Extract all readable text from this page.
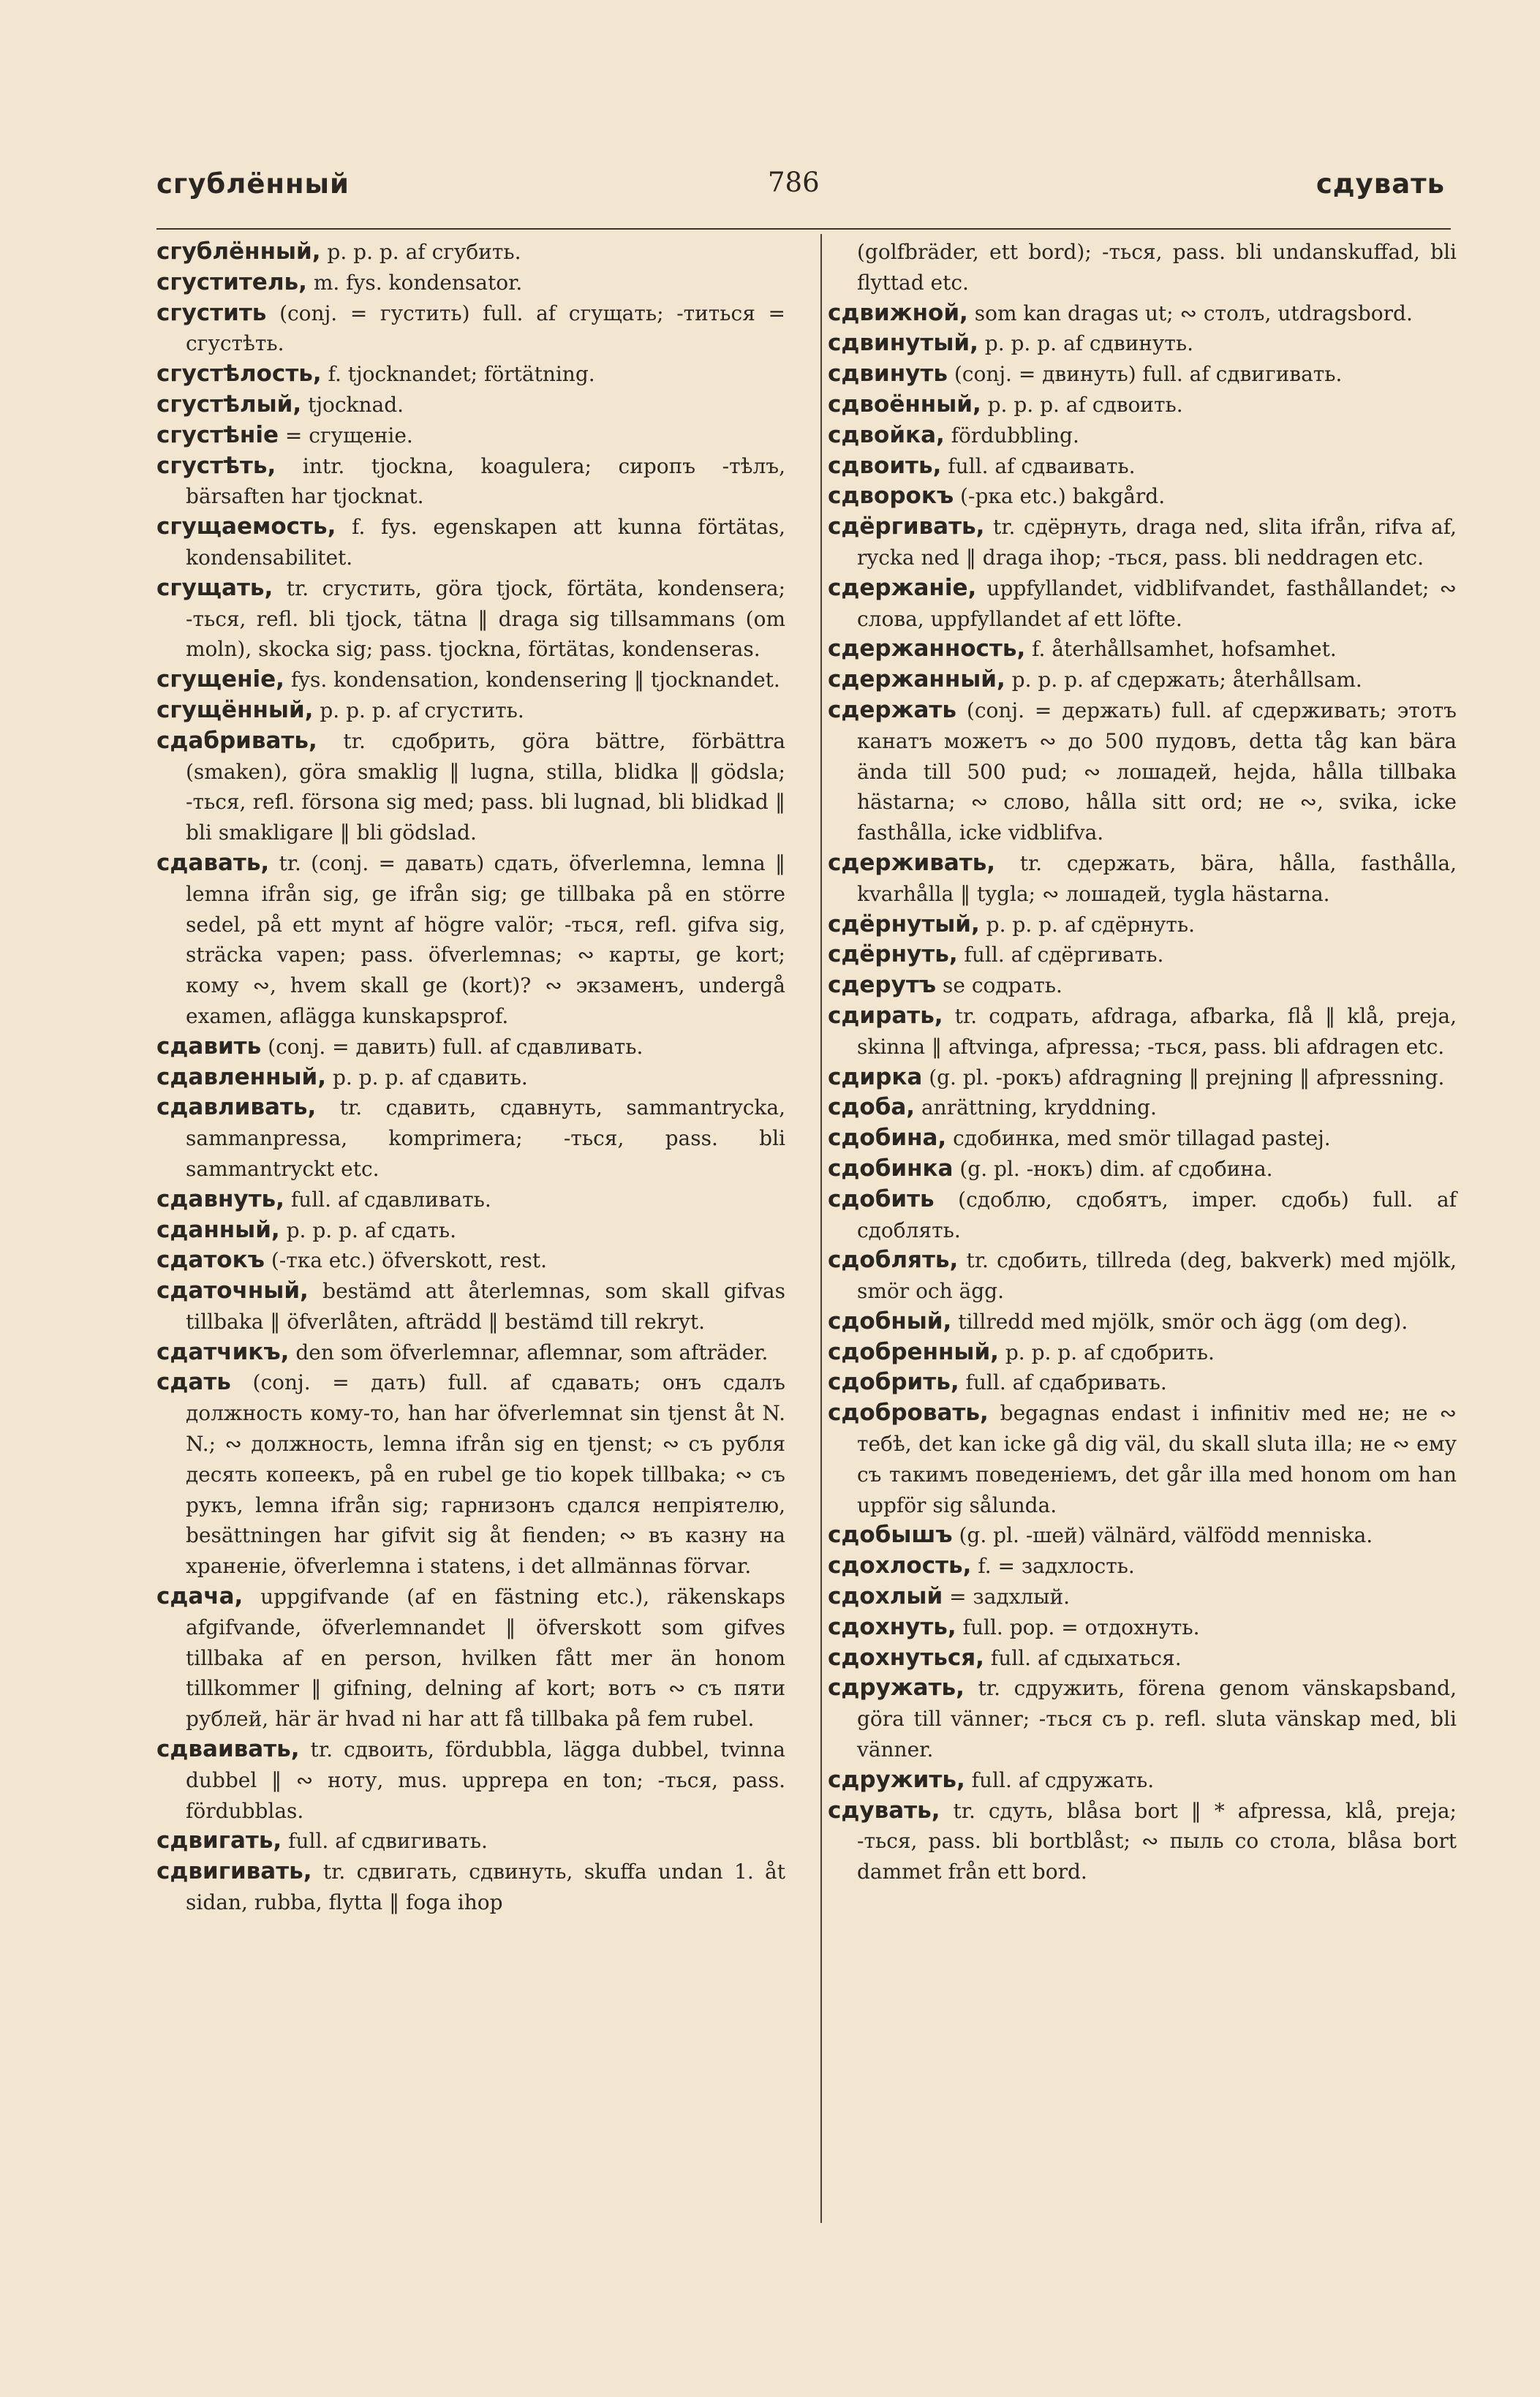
сгублённый	786	сдувать

сгублённый, p. p. p. af сгубить.

сгуститель, m. fys. kondensator.

сгустить (conj. = густить) full. af сгущать; -титься = сгустѣть.

сгустѣлость, f. tjocknandet; förtätning.

сгустѣлый, tjocknad.

сгустѣніе = сгущеніе.

сгустѣть, intr. tjockna, koagulera; сиропъ -тѣлъ, bärsaften har tjocknat.

сгущаемость, f. fys. egenskapen att kunna förtätas, kondensabilitet.

сгущать, tr. сгустить, göra tjock, förtäta, kondensera; -ться, refl. bli tjock, tätna ‖ draga sig tillsammans (om moln), skocka sig; pass. tjockna, förtätas, kondenseras.

сгущеніе, fys. kondensation, kondensering ‖ tjocknandet.

сгущённый, p. p. p. af сгустить.

сдабривать, tr. сдобрить, göra bättre, förbättra (smaken), göra smaklig ‖ lugna, stilla, blidka ‖ gödsla; -ться, refl. försona sig med; pass. bli lugnad, bli blidkad ‖ bli smakligare ‖ bli gödslad.

сдавать, tr. (conj. = давать) сдать, öfverlemna, lemna ‖ lemna ifrån sig, ge ifrån sig; ge tillbaka på en större sedel, på ett mynt af högre valör; -ться, refl. gifva sig, sträcka vapen; pass. öfverlemnas; ∾ карты, ge kort; кому ∾, hvem skall ge (kort)? ∾ экзаменъ, undergå examen, aflägga kunskapsprof.

сдавить (conj. = давить) full. af сдавливать.

сдавленный, p. p. p. af сдавить.

сдавливать, tr. сдавить, сдавнуть, sammantrycka, sammanpressa, komprimera; -ться, pass. bli sammantryckt etc.

сдавнуть, full. af сдавливать.

сданный, p. p. p. af сдать.

сдатокъ (-тка etc.) öfverskott, rest.

сдаточный, bestämd att återlemnas, som skall gifvas tillbaka ‖ öfverlåten, afträdd ‖ bestämd till rekryt.

сдатчикъ, den som öfverlemnar, aflemnar, som afträder.

сдать (conj. = дать) full. af сдавать; онъ сдалъ должность кому-то, han har öfverlemnat sin tjenst åt N. N.; ∾ должность, lemna ifrån sig en tjenst; ∾ съ рубля десять копеекъ, på en rubel ge tio kopek tillbaka; ∾ съ рукъ, lemna ifrån sig; гарнизонъ сдался непріятелю, besättningen har gifvit sig åt fienden; ∾ въ казну на храненіе, öfverlemna i statens, i det allmännas förvar.

сдача, uppgifvande (af en fästning etc.), räkenskaps afgifvande, öfverlemnandet ‖ öfverskott som gifves tillbaka af en person, hvilken fått mer än honom tillkommer ‖ gifning, delning af kort; вотъ ∾ съ пяти рублей, här är hvad ni har att få tillbaka på fem rubel.

сдваивать, tr. сдвоить, fördubbla, lägga dubbel, tvinna dubbel ‖ ∾ ноту, mus. upprepa en ton; -ться, pass. fördubblas.

сдвигать, full. af сдвигивать.

сдвигивать, tr. сдвигать, сдвинуть, skuffa undan 1. åt sidan, rubba, flytta ‖ foga ihop

(golfbräder, ett bord); -ться, pass. bli undanskuffad, bli flyttad etc.

сдвижной, som kan dragas ut; ∾ столъ, utdragsbord.

сдвинутый, p. p. p. af сдвинуть.

сдвинуть (conj. = двинуть) full. af сдвигивать.

сдвоённый, p. p. p. af сдвоить.

сдвойка, fördubbling.

сдвоить, full. af сдваивать.

сдворокъ (-рка etc.) bakgård.

сдёргивать, tr. сдёрнуть, draga ned, slita ifrån, rifva af, rycka ned ‖ draga ihop; -ться, pass. bli neddragen etc.

сдержаніе, uppfyllandet, vidblifvandet, fasthållandet; ∾ слова, uppfyllandet af ett löfte.

сдержанность, f. återhållsamhet, hofsamhet.

сдержанный, p. p. p. af сдержать; återhållsam.

сдержать (conj. = держать) full. af сдерживать; этотъ канатъ можетъ ∾ до 500 пудовъ, detta tåg kan bära ända till 500 pud; ∾ лошадей, hejda, hålla tillbaka hästarna; ∾ слово, hålla sitt ord; не ∾, svika, icke fasthålla, icke vidblifva.

сдерживать, tr. сдержать, bära, hålla, fasthålla, kvarhålla ‖ tygla; ∾ лошадей, tygla hästarna.

сдёрнутый, p. p. p. af сдёрнуть.

сдёрнуть, full. af сдёргивать.

сдерутъ se содрать.

сдирать, tr. содрать, afdraga, afbarka, flå ‖ klå, preja, skinna ‖ aftvinga, afpressa; -ться, pass. bli afdragen etc.

сдирка (g. pl. -рокъ) afdragning ‖ prejning ‖ afpressning.

сдоба, anrättning, kryddning.

сдобина, сдобинка, med smör tillagad pastej.

сдобинка (g. pl. -нокъ) dim. af сдобина.

сдобить (сдоблю, сдобятъ, imper. сдобь) full. af сдоблять.

сдоблять, tr. сдобить, tillreda (deg, bakverk) med mjölk, smör och ägg.

сдобный, tillredd med mjölk, smör och ägg (om deg).

сдобренный, p. p. p. af сдобрить.

сдобрить, full. af сдабривать.

сдобровать, begagnas endast i infinitiv med не; не ∾ тебѣ, det kan icke gå dig väl, du skall sluta illa; не ∾ ему съ такимъ поведеніемъ, det går illa med honom om han uppför sig sålunda.

сдобышъ (g. pl. -шей) välnärd, välfödd menniska.

сдохлость, f. = задхлость.

сдохлый = задхлый.

сдохнуть, full. pop. = отдохнуть.

сдохнуться, full. af сдыхаться.

сдружать, tr. сдружить, förena genom vänskapsband, göra till vänner; -ться съ p. refl. sluta vänskap med, bli vänner.

сдружить, full. af сдружать.

сдувать, tr. сдуть, blåsa bort ‖ * afpressa, klå, preja; -ться, pass. bli bortblåst; ∾ пыль со стола, blåsa bort dammet från ett bord.
